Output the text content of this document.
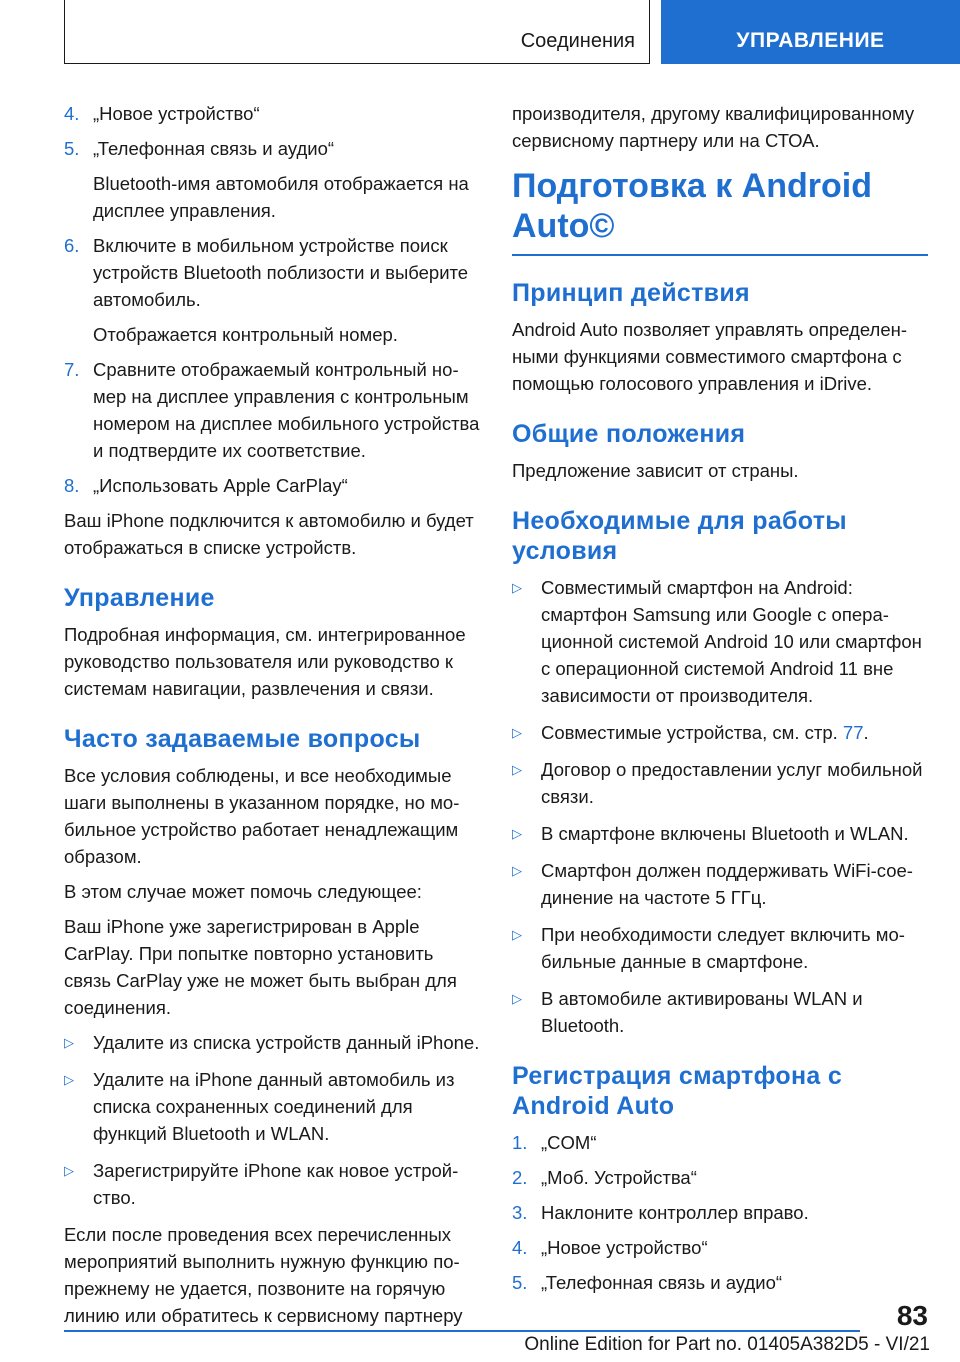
Соединения	УПРАВЛЕНИЕ
4. „Новое устройство“
5. „Телефонная связь и аудио“

Bluetooth-имя автомобиля отображается на дисплее управления.

6. Включите в мобильном устройстве поиск устройств Bluetooth поблизости и выберите автомобиль.

Отображается контрольный номер.

7. Сравните отображаемый контрольный номер на дисплее управления с контрольным номером на дисплее мобильного устройства и подтвердите их соответствие.
8. „Использовать Apple CarPlay“

Ваш iPhone подключится к автомобилю и будет отображаться в списке устройств.

Управление

Подробная информация, см. интегрированное руководство пользователя или руководство к системам навигации, развлечения и связи.

Часто задаваемые вопросы

Все условия соблюдены, и все необходимые шаги выполнены в указанном порядке, но мобильное устройство работает ненадлежащим образом.

В этом случае может помочь следующее:

Ваш iPhone уже зарегистрирован в Apple CarPlay. При попытке повторно установить связь CarPlay уже не может быть выбран для соединения.

▷	Удалите из списка устройств данный iPhone.
▷	Удалите на iPhone данный автомобиль из списка сохраненных соединений для функций Bluetooth и WLAN.
▷	Зарегистрируйте iPhone как новое устройство.

Если после проведения всех перечисленных мероприятий выполнить нужную функцию попрежнему не удается, позвоните на горячую линию или обратитесь к сервисному партнеру

производителя, другому квалифицированному сервисному партнеру или на СТОА.

Подготовка к Android Auto©
Принцип действия

Android Auto позволяет управлять определенными функциями совместимого смартфона с помощью голосового управления и iDrive.

Общие положения

Предложение зависит от страны.

Необходимые для работы условия
▷	Совместимый смартфон на Android: смартфон Samsung или Google с операционной системой Android 10 или смартфон с операционной системой Android 11 вне зависимости от производителя.
▷	Совместимые устройства, см. стр. 77.
▷	Договор о предоставлении услуг мобильной связи.
▷	В смартфоне включены Bluetooth и WLAN.
▷	Смартфон должен поддерживать WiFi-соединение на частоте 5 ГГц.
▷	При необходимости следует включить мобильные данные в смартфоне.
▷	В автомобиле активированы WLAN и Bluetooth.
Регистрация смартфона с Android Auto
1. „COM“
2. „Моб. Устройства“
3. Наклоните контроллер вправо.
4. „Новое устройство“
5. „Телефонная связь и аудио“
83
Online Edition for Part no. 01405A382D5 - VI/21
